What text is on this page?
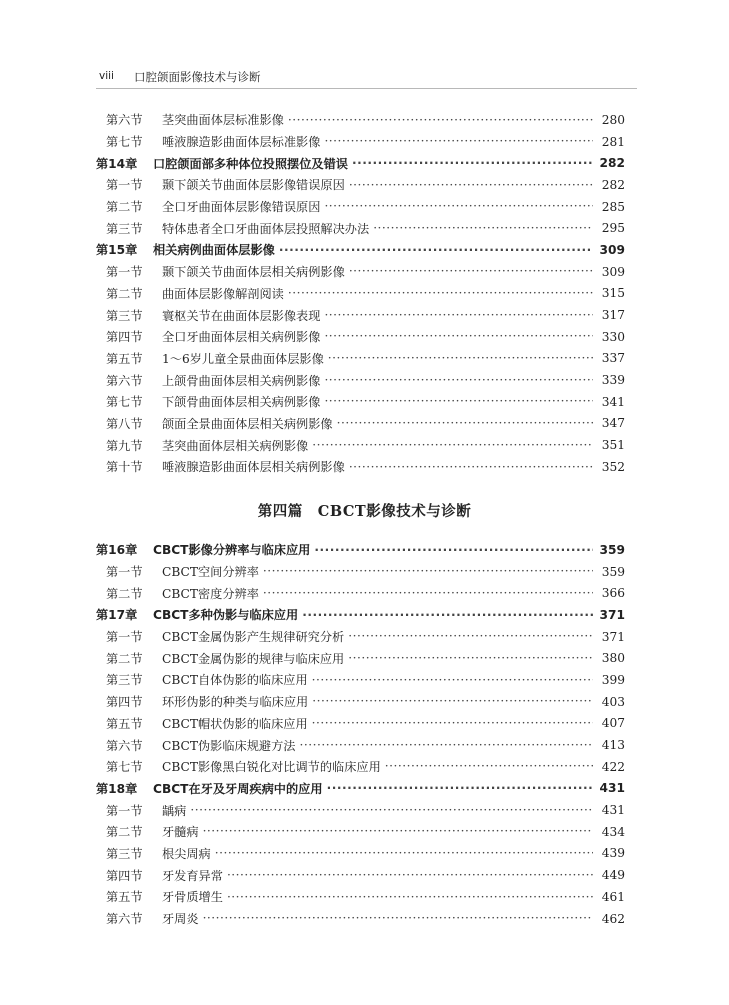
viii 口腔颌面影像技术与诊断
第六节	茎突曲面体层标准影像 ·····	280
第七节	唾液腺造影曲面体层标准影像 ·····	281
第14章	口腔颌面部多种体位投照摆位及错误 ·····	282
第一节	颞下颌关节曲面体层影像错误原因 ·····	282
第二节	全口牙曲面体层影像错误原因 ·····	285
第三节	特体患者全口牙曲面体层投照解决办法 ·····	295
第15章	相关病例曲面体层影像 ·····	309
第一节	颞下颌关节曲面体层相关病例影像 ·····	309
第二节	曲面体层影像解剖阅读 ·····	315
第三节	寰枢关节在曲面体层影像表现 ·····	317
第四节	全口牙曲面体层相关病例影像 ·····	330
第五节	1～6岁儿童全景曲面体层影像 ·····	337
第六节	上颌骨曲面体层相关病例影像 ·····	339
第七节	下颌骨曲面体层相关病例影像 ·····	341
第八节	颌面全景曲面体层相关病例影像 ·····	347
第九节	茎突曲面体层相关病例影像 ·····	351
第十节	唾液腺造影曲面体层相关病例影像 ·····	352
第四篇　CBCT影像技术与诊断
第16章	CBCT影像分辨率与临床应用 ·····	359
第一节	CBCT空间分辨率 ·····	359
第二节	CBCT密度分辨率 ·····	366
第17章	CBCT多种伪影与临床应用 ·····	371
第一节	CBCT金属伪影产生规律研究分析 ·····	371
第二节	CBCT金属伪影的规律与临床应用 ·····	380
第三节	CBCT自体伪影的临床应用 ·····	399
第四节	环形伪影的种类与临床应用 ·····	403
第五节	CBCT帽状伪影的临床应用 ·····	407
第六节	CBCT伪影临床规避方法 ·····	413
第七节	CBCT影像黑白锐化对比调节的临床应用 ·····	422
第18章	CBCT在牙及牙周疾病中的应用 ·····	431
第一节	龋病 ·····	431
第二节	牙髓病 ·····	434
第三节	根尖周病 ·····	439
第四节	牙发育异常 ·····	449
第五节	牙骨质增生 ·····	461
第六节	牙周炎 ·····	462
